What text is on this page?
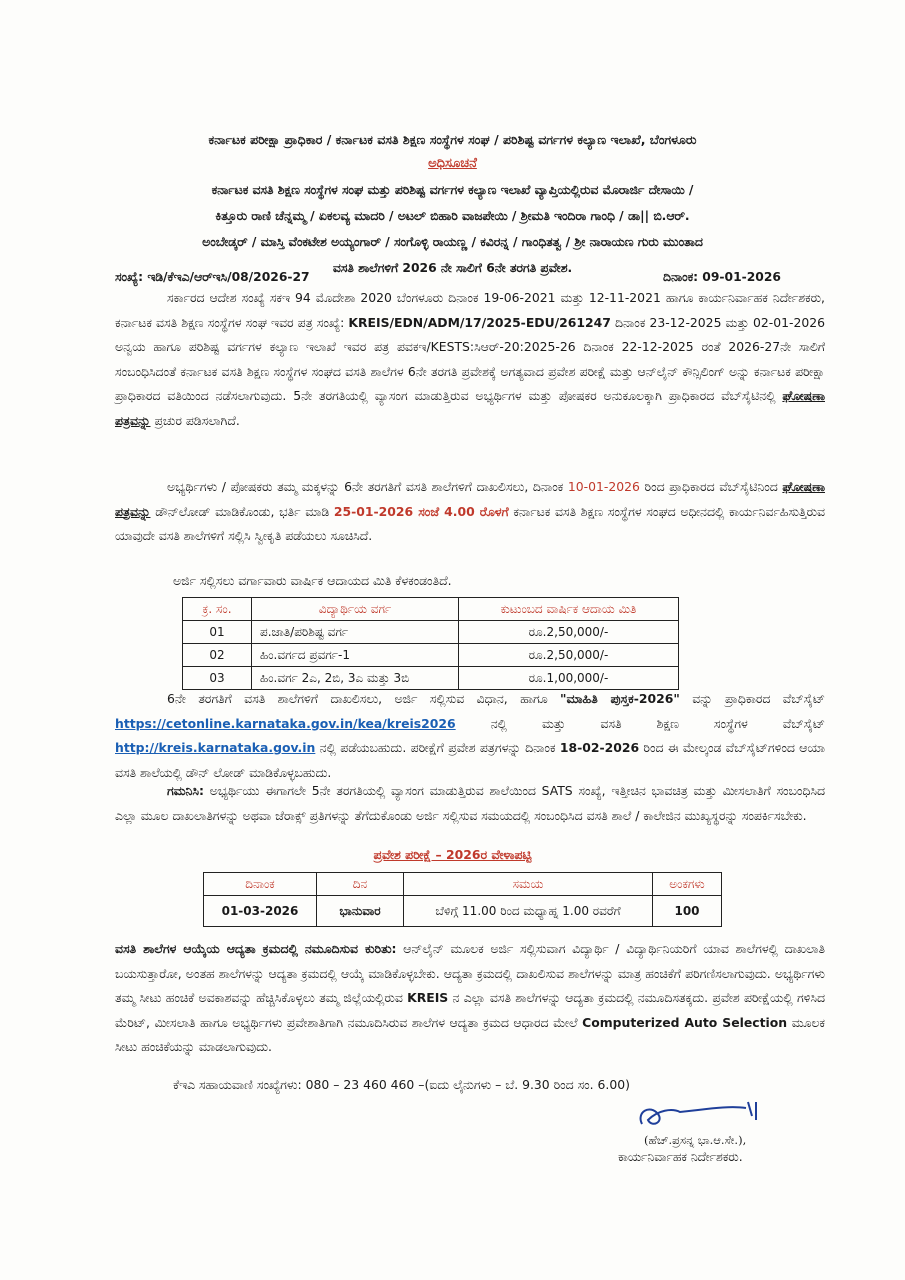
ಕರ್ನಾಟಕ ಪರೀಕ್ಷಾ ಪ್ರಾಧಿಕಾರ / ಕರ್ನಾಟಕ ವಸತಿ ಶಿಕ್ಷಣ ಸಂಸ್ಥೆಗಳ ಸಂಘ / ಪರಿಶಿಷ್ಟ ವರ್ಗಗಳ ಕಲ್ಯಾಣ ಇಲಾಖೆ, ಬೆಂಗಳೂರು
ಅಧಿಸೂಚನೆ
ಕರ್ನಾಟಕ ವಸತಿ ಶಿಕ್ಷಣ ಸಂಸ್ಥೆಗಳ ಸಂಘ ಮತ್ತು ಪರಿಶಿಷ್ಟ ವರ್ಗಗಳ ಕಲ್ಯಾಣ ಇಲಾಖೆ ವ್ಯಾಪ್ತಿಯಲ್ಲಿರುವ ಮೊರಾರ್ಜಿ ದೇಸಾಯಿ /
ಕಿತ್ತೂರು ರಾಣಿ ಚೆನ್ನಮ್ಮ / ಏಕಲವ್ಯ ಮಾದರಿ / ಅಟಲ್ ಬಿಹಾರಿ ವಾಜಪೇಯಿ / ಶ್ರೀಮತಿ ಇಂದಿರಾ ಗಾಂಧಿ / ಡಾ|| ಬಿ.ಆರ್.
ಅಂಬೇಡ್ಕರ್ / ಮಾಸ್ತಿ ವೆಂಕಟೇಶ ಅಯ್ಯಂಗಾರ್ / ಸಂಗೊಳ್ಳಿ ರಾಯಣ್ಣ / ಕವಿರನ್ನ / ಗಾಂಧಿತತ್ವ / ಶ್ರೀ ನಾರಾಯಣ ಗುರು ಮುಂತಾದ
ವಸತಿ ಶಾಲೆಗಳಿಗೆ 2026 ನೇ ಸಾಲಿಗೆ 6ನೇ ತರಗತಿ ಪ್ರವೇಶ.
ಸಂಖ್ಯೆ: ಇಡಿ/ಕೆಇಎ/ಆರ್‌ಇಸಿ/08/2026-27	ದಿನಾಂಕ: 09-01-2026
ಸರ್ಕಾರದ ಆದೇಶ ಸಂಖ್ಯೆ ಸಕಇ 94 ಮೊದೇಶಾ 2020 ಬೆಂಗಳೂರು ದಿನಾಂಕ 19-06-2021 ಮತ್ತು 12-11-2021 ಹಾಗೂ ಕಾರ್ಯನಿರ್ವಾಹಕ ನಿರ್ದೇಶಕರು, ಕರ್ನಾಟಕ ವಸತಿ ಶಿಕ್ಷಣ ಸಂಸ್ಥೆಗಳ ಸಂಘ ಇವರ ಪತ್ರ ಸಂಖ್ಯೆ: KREIS/EDN/ADM/17/2025-EDU/261247 ದಿನಾಂಕ 23-12-2025 ಮತ್ತು 02-01-2026 ಅನ್ವಯ ಹಾಗೂ ಪರಿಶಿಷ್ಟ ವರ್ಗಗಳ ಕಲ್ಯಾಣ ಇಲಾಖೆ ಇವರ ಪತ್ರ ಪವಕಇ/KESTS:ಸಿಆರ್-20:2025-26 ದಿನಾಂಕ 22-12-2025 ರಂತೆ 2026-27ನೇ ಸಾಲಿಗೆ ಸಂಬಂಧಿಸಿದಂತೆ ಕರ್ನಾಟಕ ವಸತಿ ಶಿಕ್ಷಣ ಸಂಸ್ಥೆಗಳ ಸಂಘದ ವಸತಿ ಶಾಲೆಗಳ 6ನೇ ತರಗತಿ ಪ್ರವೇಶಕ್ಕೆ ಅಗತ್ಯವಾದ ಪ್ರವೇಶ ಪರೀಕ್ಷೆ ಮತ್ತು ಆನ್‌ಲೈನ್ ಕೌನ್ಸಿಲಿಂಗ್ ಅನ್ನು ಕರ್ನಾಟಕ ಪರೀಕ್ಷಾ ಪ್ರಾಧಿಕಾರದ ವತಿಯಿಂದ ನಡೆಸಲಾಗುವುದು. 5ನೇ ತರಗತಿಯಲ್ಲಿ ವ್ಯಾಸಂಗ ಮಾಡುತ್ತಿರುವ ಅಭ್ಯರ್ಥಿಗಳ ಮತ್ತು ಪೋಷಕರ ಅನುಕೂಲಕ್ಕಾಗಿ ಪ್ರಾಧಿಕಾರದ ವೆಬ್‌ಸೈಟಿನಲ್ಲಿ ಘೋಷಣಾ ಪತ್ರವನ್ನು ಪ್ರಚುರ ಪಡಿಸಲಾಗಿದೆ.
ಅಭ್ಯರ್ಥಿಗಳು / ಪೋಷಕರು ತಮ್ಮ ಮಕ್ಕಳನ್ನು 6ನೇ ತರಗತಿಗೆ ವಸತಿ ಶಾಲೆಗಳಿಗೆ ದಾಖಲಿಸಲು, ದಿನಾಂಕ 10-01-2026 ರಿಂದ ಪ್ರಾಧಿಕಾರದ ವೆಬ್‌ಸೈಟಿನಿಂದ ಘೋಷಣಾ ಪತ್ರವನ್ನು ಡೌನ್‌ಲೋಡ್ ಮಾಡಿಕೊಂಡು, ಭರ್ತಿ ಮಾಡಿ 25-01-2026 ಸಂಜೆ 4.00 ರೊಳಗೆ ಕರ್ನಾಟಕ ವಸತಿ ಶಿಕ್ಷಣ ಸಂಸ್ಥೆಗಳ ಸಂಘದ ಅಧೀನದಲ್ಲಿ ಕಾರ್ಯನಿರ್ವಹಿಸುತ್ತಿರುವ ಯಾವುದೇ ವಸತಿ ಶಾಲೆಗಳಿಗೆ ಸಲ್ಲಿಸಿ ಸ್ವೀಕೃತಿ ಪಡೆಯಲು ಸೂಚಿಸಿದೆ.
ಅರ್ಜಿ ಸಲ್ಲಿಸಲು ವರ್ಗಾವಾರು ವಾರ್ಷಿಕ ಆದಾಯದ ಮಿತಿ ಕೆಳಕಂಡಂತಿದೆ.
ಕ್ರ. ಸಂ.	ವಿದ್ಯಾರ್ಥಿಯ ವರ್ಗ	ಕುಟುಂಬದ ವಾರ್ಷಿಕ ಆದಾಯ ಮಿತಿ
01	ಪ.ಜಾತಿ/ಪರಿಶಿಷ್ಟ ವರ್ಗ	ರೂ.2,50,000/-
02	ಹಿಂ.ವರ್ಗದ ಪ್ರವರ್ಗ-1	ರೂ.2,50,000/-
03	ಹಿಂ.ವರ್ಗ 2ಎ, 2ಬಿ, 3ಎ ಮತ್ತು 3ಬಿ	ರೂ.1,00,000/-
6ನೇ ತರಗತಿಗೆ ವಸತಿ ಶಾಲೆಗಳಿಗೆ ದಾಖಲಿಸಲು, ಅರ್ಜಿ ಸಲ್ಲಿಸುವ ವಿಧಾನ, ಹಾಗೂ "ಮಾಹಿತಿ ಪುಸ್ತಕ-2026" ವನ್ನು ಪ್ರಾಧಿಕಾರದ ವೆಬ್‌ಸೈಟ್ https://cetonline.karnataka.gov.in/kea/kreis2026 ನಲ್ಲಿ ಮತ್ತು ವಸತಿ ಶಿಕ್ಷಣ ಸಂಸ್ಥೆಗಳ ವೆಬ್‌ಸೈಟ್ http://kreis.karnataka.gov.in ನಲ್ಲಿ ಪಡೆಯಬಹುದು. ಪರೀಕ್ಷೆಗೆ ಪ್ರವೇಶ ಪತ್ರಗಳನ್ನು ದಿನಾಂಕ 18-02-2026 ರಿಂದ ಈ ಮೇಲ್ಕಂಡ ವೆಬ್‌ಸೈಟ್‌ಗಳಿಂದ ಆಯಾ ವಸತಿ ಶಾಲೆಯಲ್ಲಿ ಡೌನ್ ಲೋಡ್ ಮಾಡಿಕೊಳ್ಳಬಹುದು.
ಗಮನಿಸಿ: ಅಭ್ಯರ್ಥಿಯು ಈಗಾಗಲೇ 5ನೇ ತರಗತಿಯಲ್ಲಿ ವ್ಯಾಸಂಗ ಮಾಡುತ್ತಿರುವ ಶಾಲೆಯಿಂದ SATS ಸಂಖ್ಯೆ, ಇತ್ತೀಚಿನ ಭಾವಚಿತ್ರ ಮತ್ತು ಮೀಸಲಾತಿಗೆ ಸಂಬಂಧಿಸಿದ ಎಲ್ಲಾ ಮೂಲ ದಾಖಲಾತಿಗಳನ್ನು ಅಥವಾ ಜೆರಾಕ್ಸ್ ಪ್ರತಿಗಳನ್ನು ತೆಗೆದುಕೊಂಡು ಅರ್ಜಿ ಸಲ್ಲಿಸುವ ಸಮಯದಲ್ಲಿ ಸಂಬಂಧಿಸಿದ ವಸತಿ ಶಾಲೆ / ಕಾಲೇಜಿನ ಮುಖ್ಯಸ್ಥರನ್ನು ಸಂಪರ್ಕಿಸಬೇಕು.
ಪ್ರವೇಶ ಪರೀಕ್ಷೆ – 2026ರ ವೇಳಾಪಟ್ಟಿ
ದಿನಾಂಕ	ದಿನ	ಸಮಯ	ಅಂಕಗಳು
01-03-2026	ಭಾನುವಾರ	ಬೆಳಿಗ್ಗೆ 11.00 ರಿಂದ ಮಧ್ಯಾಹ್ನ 1.00 ರವರೆಗೆ	100
ವಸತಿ ಶಾಲೆಗಳ ಆಯ್ಕೆಯ ಆದ್ಯತಾ ಕ್ರಮದಲ್ಲಿ ನಮೂದಿಸುವ ಕುರಿತು: ಆನ್‌ಲೈನ್ ಮೂಲಕ ಅರ್ಜಿ ಸಲ್ಲಿಸುವಾಗ ವಿದ್ಯಾರ್ಥಿ / ವಿದ್ಯಾರ್ಥಿನಿಯರಿಗೆ ಯಾವ ಶಾಲೆಗಳಲ್ಲಿ ದಾಖಲಾತಿ ಬಯಸುತ್ತಾರೋ, ಅಂತಹ ಶಾಲೆಗಳನ್ನು ಆದ್ಯತಾ ಕ್ರಮದಲ್ಲಿ ಆಯ್ಕೆ ಮಾಡಿಕೊಳ್ಳಬೇಕು. ಆದ್ಯತಾ ಕ್ರಮದಲ್ಲಿ ದಾಖಲಿಸುವ ಶಾಲೆಗಳನ್ನು ಮಾತ್ರ ಹಂಚಿಕೆಗೆ ಪರಿಗಣಿಸಲಾಗುವುದು. ಅಭ್ಯರ್ಥಿಗಳು ತಮ್ಮ ಸೀಟು ಹಂಚಿಕೆ ಅವಕಾಶವನ್ನು ಹೆಚ್ಚಿಸಿಕೊಳ್ಳಲು ತಮ್ಮ ಜಿಲ್ಲೆಯಲ್ಲಿರುವ KREIS ನ ಎಲ್ಲಾ ವಸತಿ ಶಾಲೆಗಳನ್ನು ಆದ್ಯತಾ ಕ್ರಮದಲ್ಲಿ ನಮೂದಿಸತಕ್ಕದು. ಪ್ರವೇಶ ಪರೀಕ್ಷೆಯಲ್ಲಿ ಗಳಿಸಿದ ಮೆರಿಟ್, ಮೀಸಲಾತಿ ಹಾಗೂ ಅಭ್ಯರ್ಥಿಗಳು ಪ್ರವೇಶಾತಿಗಾಗಿ ನಮೂದಿಸಿರುವ ಶಾಲೆಗಳ ಆದ್ಯತಾ ಕ್ರಮದ ಆಧಾರದ ಮೇಲೆ Computerized Auto Selection ಮೂಲಕ ಸೀಟು ಹಂಚಿಕೆಯನ್ನು ಮಾಡಲಾಗುವುದು.
ಕೆಇಎ ಸಹಾಯವಾಣಿ ಸಂಖ್ಯೆಗಳು: 080 – 23 460 460 –(ಐದು ಲೈನುಗಳು – ಬೆ. 9.30 ರಿಂದ ಸಂ. 6.00)
(ಹೆಚ್.ಪ್ರಸನ್ನ ಭಾ.ಆ.ಸೇ.),
ಕಾರ್ಯನಿರ್ವಾಹಕ ನಿರ್ದೇಶಕರು.
